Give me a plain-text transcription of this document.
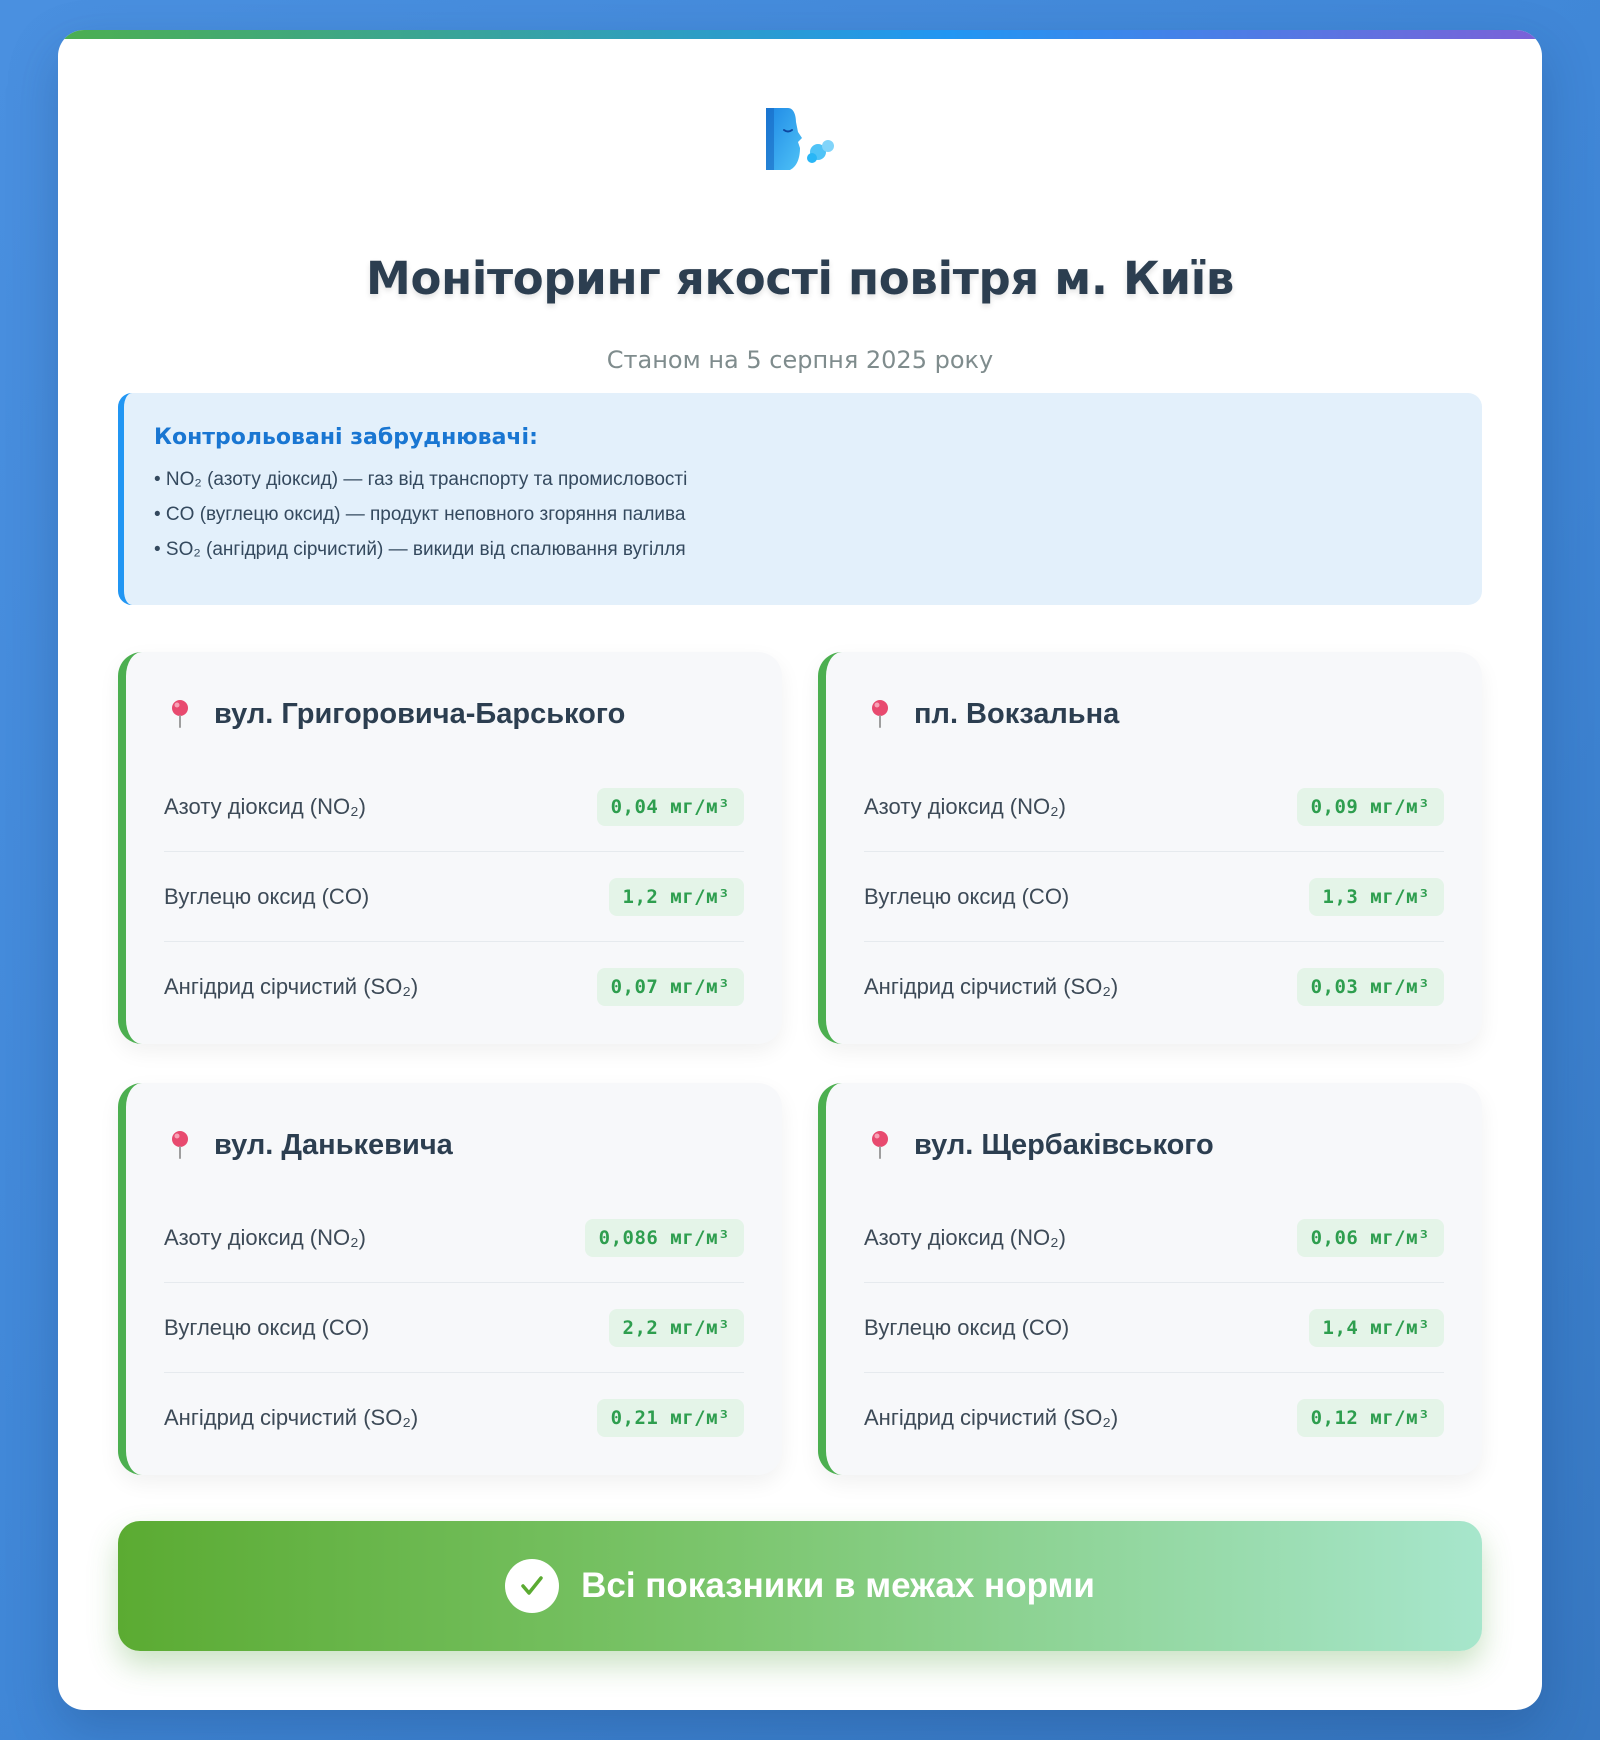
Моніторинг якості повітря м. Київ
Станом на 5 серпня 2025 року
Контрольовані забруднювачі:
• NO₂ (азоту діоксид) — газ від транспорту та промисловості
• CO (вуглецю оксид) — продукт неповного згоряння палива
• SO₂ (ангідрид сірчистий) — викиди від спалювання вугілля
вул. Григоровича-Барського
Азоту діоксид (NO₂)	0,04 мг/м³
Вуглецю оксид (CO)	1,2 мг/м³
Ангідрид сірчистий (SO₂)	0,07 мг/м³
пл. Вокзальна
Азоту діоксид (NO₂)	0,09 мг/м³
Вуглецю оксид (CO)	1,3 мг/м³
Ангідрид сірчистий (SO₂)	0,03 мг/м³
вул. Данькевича
Азоту діоксид (NO₂)	0,086 мг/м³
Вуглецю оксид (CO)	2,2 мг/м³
Ангідрид сірчистий (SO₂)	0,21 мг/м³
вул. Щербаківського
Азоту діоксид (NO₂)	0,06 мг/м³
Вуглецю оксид (CO)	1,4 мг/м³
Ангідрид сірчистий (SO₂)	0,12 мг/м³
Всі показники в межах норми
